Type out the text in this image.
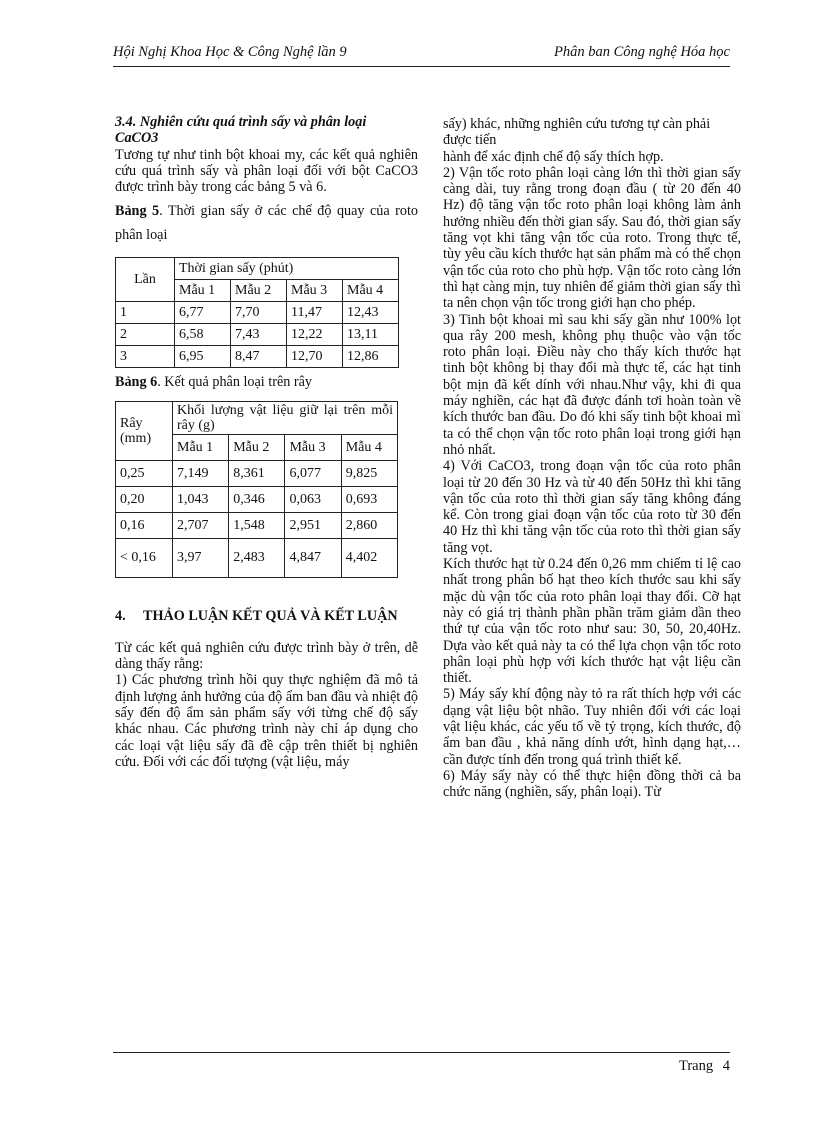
Hội Nghị Khoa Học & Công Nghệ lần 9	Phân ban Công nghệ Hóa học

3.4. Nghiên cứu quá trình sấy và phân loại
CaCO3

Tương tự như tinh bột khoai my, các kết quả nghiên cứu quá trình sấy và phân loại đối với bột CaCO3 được trình bày trong các bảng 5 và 6.

Bảng 5. Thời gian sấy ở các chế độ quay của roto phân loại

Lần	Thời gian sấy (phút)			
	Mẫu 1	Mẫu 2	Mẫu 3	Mẫu 4
1	6,77	7,70	11,47	12,43
2	6,58	7,43	12,22	13,11
3	6,95	8,47	12,70	12,86

Bảng 6. Kết quả phân loại trên rây

Rây (mm)	Khối lượng vật liệu giữ lại trên mỗi rây (g)			
	Mẫu 1	Mẫu 2	Mẫu 3	Mẫu 4
0,25	7,149	8,361	6,077	9,825
0,20	1,043	0,346	0,063	0,693
0,16	2,707	1,548	2,951	2,860
< 0,16	3,97	2,483	4,847	4,402

4.	THẢO LUẬN KẾT QUẢ VÀ KẾT LUẬN

Từ các kết quả nghiên cứu được trình bày ở trên, dễ dàng thấy rằng:

1) Các phương trình hồi quy thực nghiệm đã mô tả định lượng ảnh hưởng của độ ẩm ban đầu và nhiệt độ sấy đến độ ẩm sản phẩm sấy với từng chế độ sấy khác nhau. Các phương trình này chỉ áp dụng cho các loại vật liệu sấy đã đề cập trên thiết bị nghiên cứu. Đối với các đối tượng (vật liệu, máy

sấy) khác, những nghiên cứu tương tự càn phải được tiến

hành để xác định chế độ sấy thích hợp.

2) Vận tốc roto phân loại càng lớn thì thời gian sấy càng dài, tuy rằng trong đoạn đầu ( từ 20 đến 40 Hz) độ tăng vận tốc roto phân loại không làm ảnh hưởng nhiều đến thời gian sấy. Sau đó, thời gian sấy tăng vọt khi tăng vận tốc của roto. Trong thực tế, tùy yêu cầu kích thước hạt sản phẩm mà có thể chọn vận tốc của roto cho phù hợp. Vận tốc roto càng lớn thì hạt càng mịn, tuy nhiên để giảm thời gian sấy thì ta nên chọn vận tốc trong giới hạn cho phép.

3) Tinh bột khoai mì sau khi sấy gần như 100% lọt qua rây 200 mesh, không phụ thuộc vào vận tốc roto phân loại. Điều này cho thấy kích thước hạt tinh bột không bị thay đổi mà thực tế, các hạt tinh bột mịn đã kết dính với nhau.Như vậy, khi đi qua máy nghiền, các hạt đã được đánh tơi hoàn toàn về kích thước ban đầu. Do đó khi sấy tinh bột khoai mì ta có thể chọn vận tốc roto phân loại trong giới hạn nhỏ nhất.

4) Với CaCO3, trong đoạn vận tốc của roto phân loại từ 20 đến 30 Hz và từ 40 đến 50Hz thì khi tăng vận tốc của roto thì thời gian sấy tăng không đáng kể. Còn trong giai đoạn vận tốc của roto từ 30 đến 40 Hz thì khi tăng vận tốc của roto thì thời gian sấy tăng vọt.

Kích thước hạt từ 0.24 đến 0,26 mm chiếm tỉ lệ cao nhất trong phân bố hạt theo kích thước sau khi sấy mặc dù vận tốc của roto phân loại thay đổi. Cỡ hạt này có giá trị thành phần phần trăm giảm dần theo thứ tự của vận tốc roto như sau: 30, 50, 20,40Hz. Dựa vào kết quả này ta có thể lựa chọn vận tốc roto phân loại phù hợp với kích thước hạt vật liệu cần thiết.

5) Máy sấy khí động này tỏ ra rất thích hợp với các dạng vật liệu bột nhão. Tuy nhiên đối với các loại vật liệu khác, các yếu tố về tỷ trọng, kích thước, độ ẩm ban đầu , khả năng dính ướt, hình dạng hạt,… cần được tính đến trong quá trình thiết kế.

6) Máy sấy này có thể thực hiện đồng thời cả ba chức năng (nghiền, sấy, phân loại). Từ

Trang 4
